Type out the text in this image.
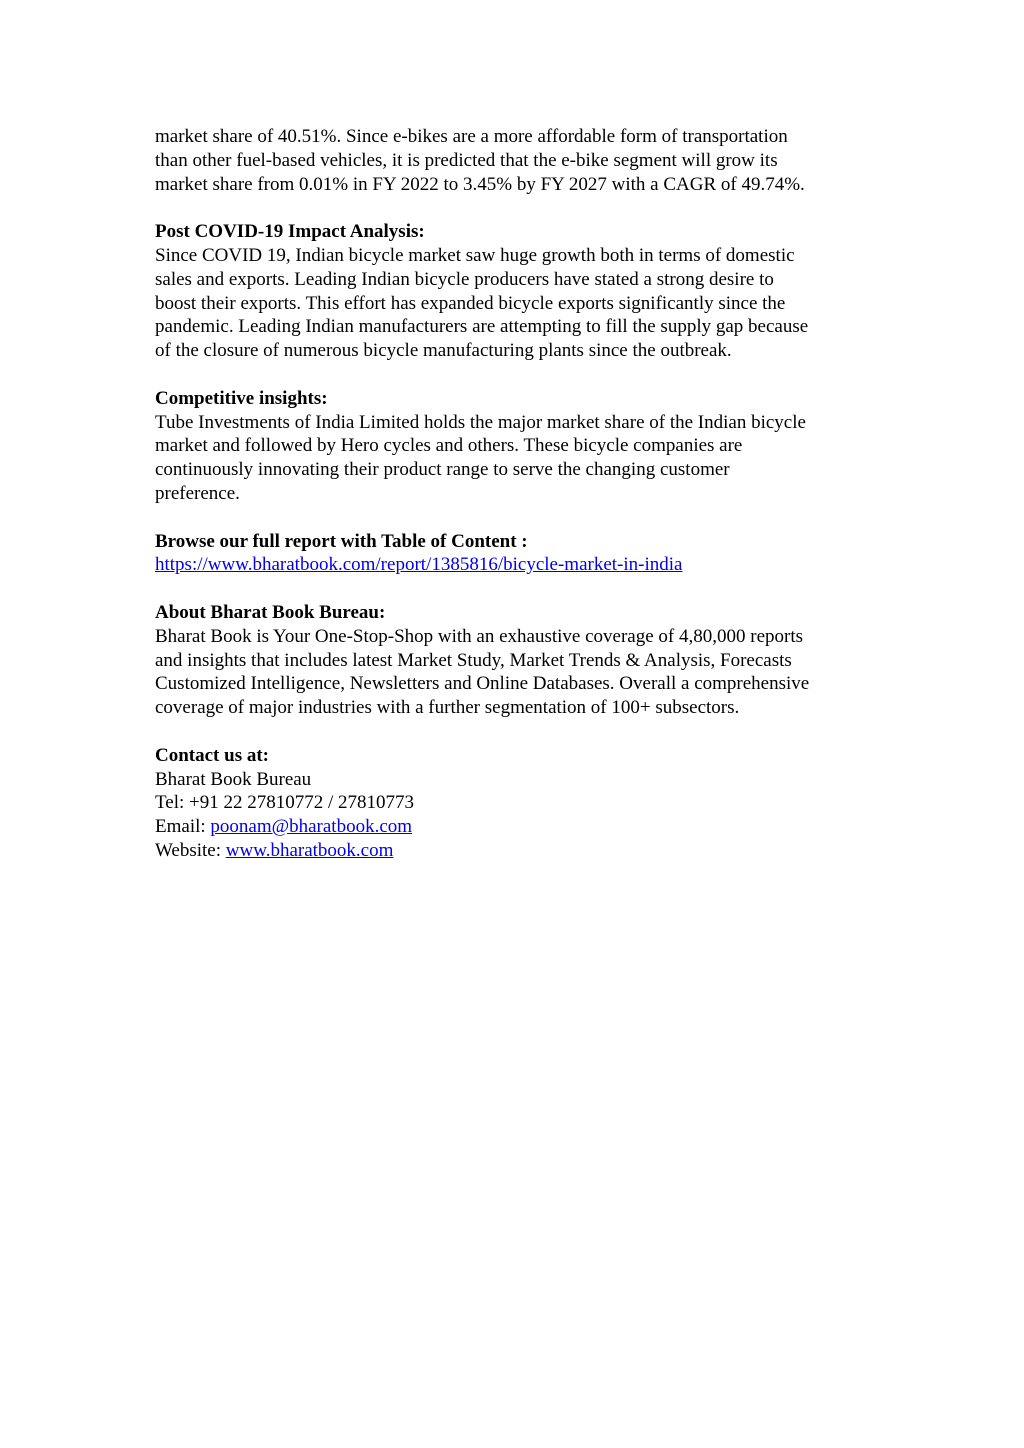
market share of 40.51%. Since e-bikes are a more affordable form of transportation
than other fuel-based vehicles, it is predicted that the e-bike segment will grow its
market share from 0.01% in FY 2022 to 3.45% by FY 2027 with a CAGR of 49.74%.
Post COVID-19 Impact Analysis:
Since COVID 19, Indian bicycle market saw huge growth both in terms of domestic
sales and exports. Leading Indian bicycle producers have stated a strong desire to
boost their exports. This effort has expanded bicycle exports significantly since the
pandemic. Leading Indian manufacturers are attempting to fill the supply gap because
of the closure of numerous bicycle manufacturing plants since the outbreak.
Competitive insights:
Tube Investments of India Limited holds the major market share of the Indian bicycle
market and followed by Hero cycles and others. These bicycle companies are
continuously innovating their product range to serve the changing customer
preference.
Browse our full report with Table of Content :
https://www.bharatbook.com/report/1385816/bicycle-market-in-india
About Bharat Book Bureau:
Bharat Book is Your One-Stop-Shop with an exhaustive coverage of 4,80,000 reports
and insights that includes latest Market Study, Market Trends & Analysis, Forecasts
Customized Intelligence, Newsletters and Online Databases. Overall a comprehensive
coverage of major industries with a further segmentation of 100+ subsectors.
Contact us at:
Bharat Book Bureau
Tel: +91 22 27810772 / 27810773
Email: poonam@bharatbook.com
Website: www.bharatbook.com
